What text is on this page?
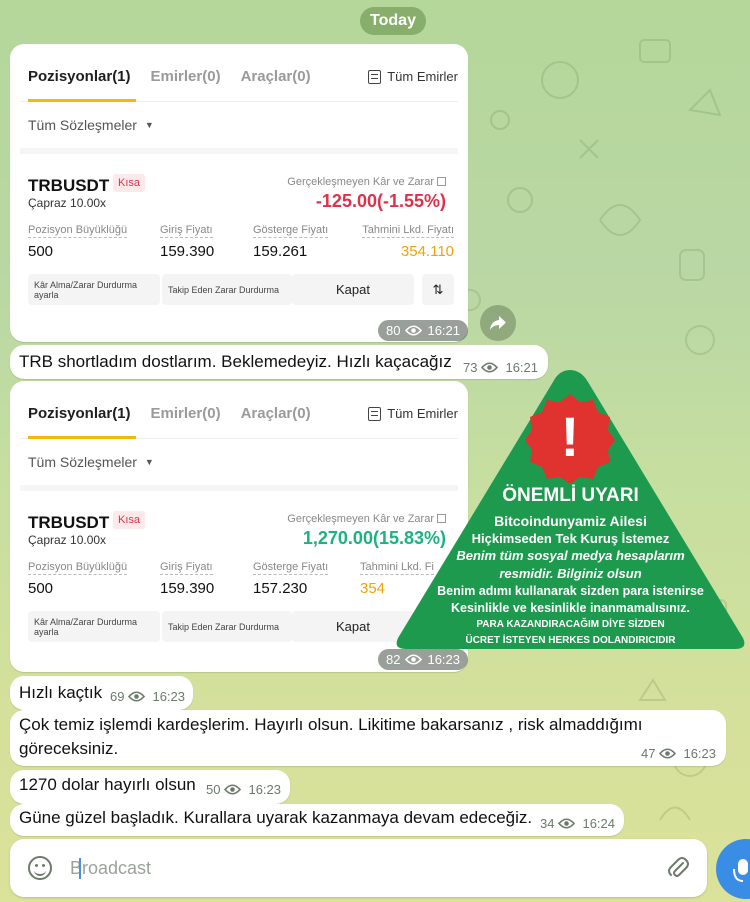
Today
Pozisyonlar(1) Emirler(0) Araçlar(0)	Tüm Emirler
Tüm Sözleşmeler ▼
TRBUSDT Kısa
Çapraz 10.00x
Gerçekleşmeyen Kâr ve Zarar
-125.00(-1.55%)
Pozisyon Büyüklüğü
500
Giriş Fiyatı
159.390
Gösterge Fiyatı
159.261
Tahmini Lkd. Fiyatı
354.110
Kâr Alma/Zarar Durdurma ayarla	Takip Eden Zarar Durdurma	Kapat	⇅
80 16:21
TRB shortladım dostlarım. Beklemedeyiz. Hızlı kaçacağız 73 16:21
Pozisyonlar(1) Emirler(0) Araçlar(0)	Tüm Emirler
Tüm Sözleşmeler ▼
TRBUSDT Kısa
Çapraz 10.00x
Gerçekleşmeyen Kâr ve Zarar
1,270.00(15.83%)
Pozisyon Büyüklüğü
500
Giriş Fiyatı
159.390
Gösterge Fiyatı
157.230
Tahmini Lkd. Fi
354
Kâr Alma/Zarar Durdurma ayarla	Takip Eden Zarar Durdurma	Kapat
82 16:23
!
ÖNEMLİ UYARI
Bitcoindunyamiz Ailesi
Hiçkimseden Tek Kuruş İstemez
Benim tüm sosyal medya hesaplarım
resmidir. Bilginiz olsun
Benim adımı kullanarak sizden para istenirse
Kesinlikle ve kesinlikle inanmamalısınız.
PARA KAZANDIRACAĞIM DİYE SİZDEN
ÜCRET İSTEYEN HERKES DOLANDIRICIDIR
Hızlı kaçtık 69 16:23
Çok temiz işlemdi kardeşlerim. Hayırlı olsun. Likitime bakarsanız , risk almaddığımı göreceksiniz.	47 16:23
1270 dolar hayırlı olsun 50 16:23
Güne güzel başladık. Kurallara uyarak kazanmaya devam edeceğiz. 34 16:24
Broadcast
